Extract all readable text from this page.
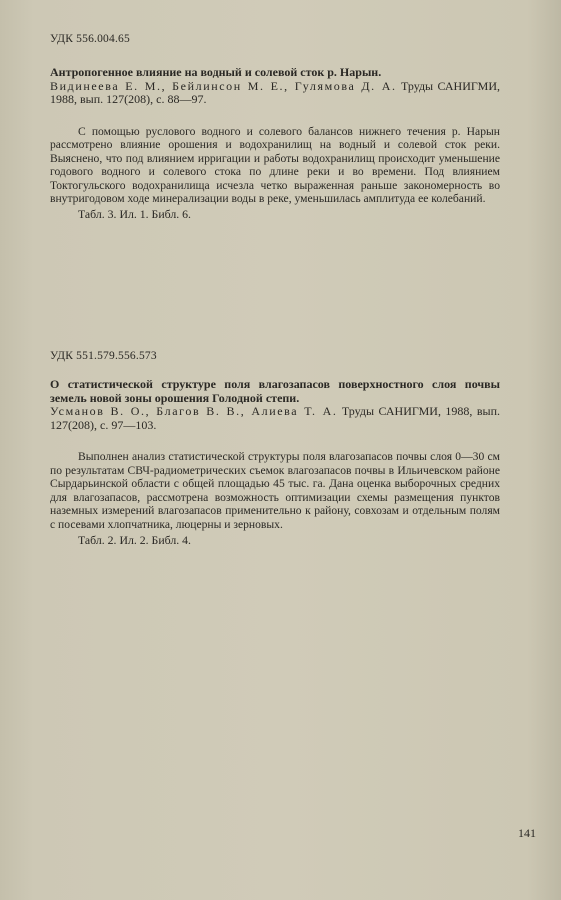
УДК 556.004.65

Антропогенное влияние на водный и солевой сток р. Нарын.

Видинеева Е. М., Бейлинсон М. Е., Гулямова Д. А. Труды САНИГМИ, 1988, вып. 127(208), с. 88—97.

С помощью руслового водного и солевого балансов нижнего течения р. Нарын рассмотрено влияние орошения и водохранилищ на водный и солевой сток реки. Выяснено, что под влиянием ирригации и работы водохранилищ происходит уменьшение годового водного и солевого стока по длине реки и во времени. Под влиянием Токтогульского водохранилища исчезла четко выраженная раньше закономерность во внутригодовом ходе минерализации воды в реке, уменьшилась амплитуда ее колебаний.

Табл. 3. Ил. 1. Библ. 6.
УДК 551.579.556.573

О статистической структуре поля влагозапасов поверхностного слоя почвы земель новой зоны орошения Голодной степи.

Усманов В. О., Благов В. В., Алиева Т. А. Труды САНИГМИ, 1988, вып. 127(208), с. 97—103.

Выполнен анализ статистической структуры поля влагозапасов почвы слоя 0—30 см по результатам СВЧ-радиометрических съемок влагозапасов почвы в Ильичевском районе Сырдарьинской области с общей площадью 45 тыс. га. Дана оценка выборочных средних для влагозапасов, рассмотрена возможность оптимизации схемы размещения пунктов наземных измерений влагозапасов применительно к району, совхозам и отдельным полям с посевами хлопчатника, люцерны и зерновых.

Табл. 2. Ил. 2. Библ. 4.
141
